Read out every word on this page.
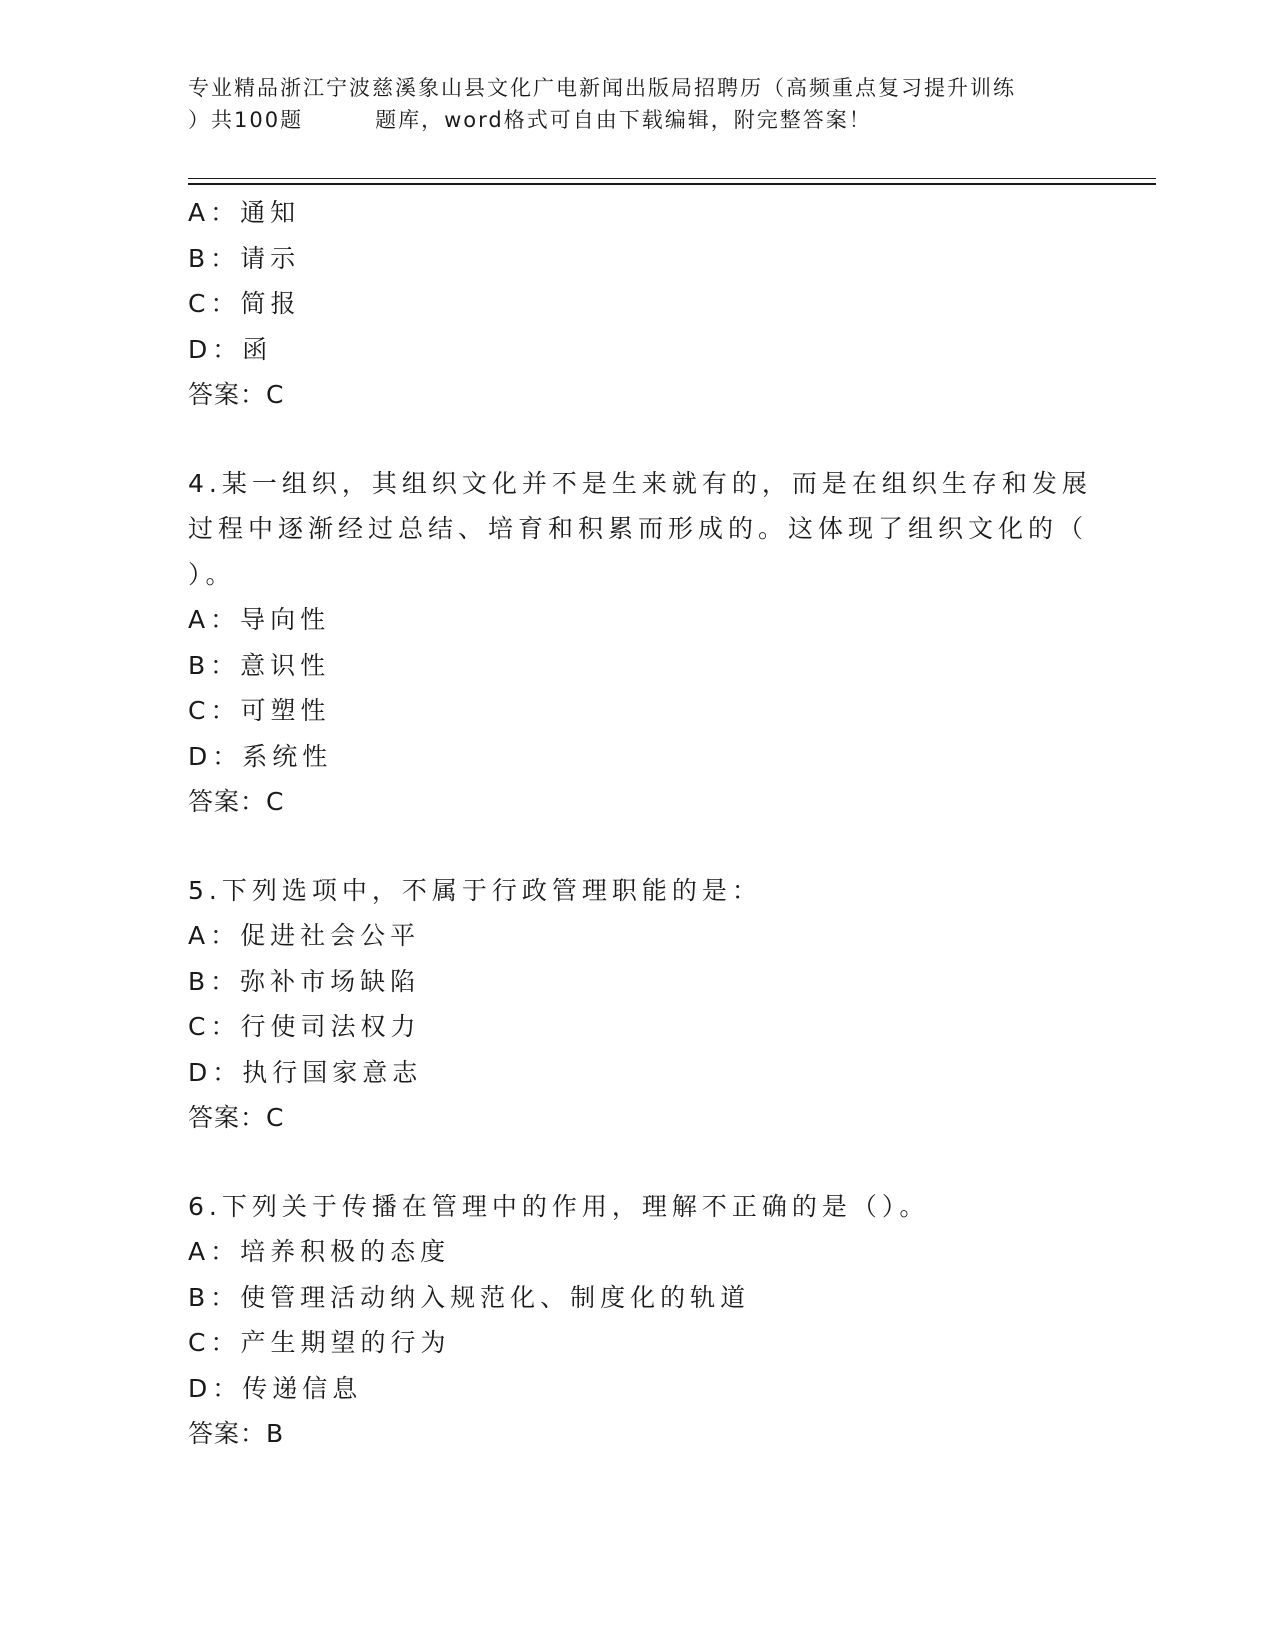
专业精品浙江宁波慈溪象山县文化广电新闻出版局招聘历（高频重点复习提升训练
）共100题	题库，word格式可自由下载编辑，附完整答案！
A：通知
B：请示
C：简报
D：函
答案：C
4.某一组织，其组织文化并不是生来就有的，而是在组织生存和发展
过程中逐渐经过总结、培育和积累而形成的。这体现了组织文化的（
）。
A：导向性
B：意识性
C：可塑性
D：系统性
答案：C
5.下列选项中，不属于行政管理职能的是：
A：促进社会公平
B：弥补市场缺陷
C：行使司法权力
D：执行国家意志
答案：C
6.下列关于传播在管理中的作用，理解不正确的是（）。
A：培养积极的态度
B：使管理活动纳入规范化、制度化的轨道
C：产生期望的行为
D：传递信息
答案：B
